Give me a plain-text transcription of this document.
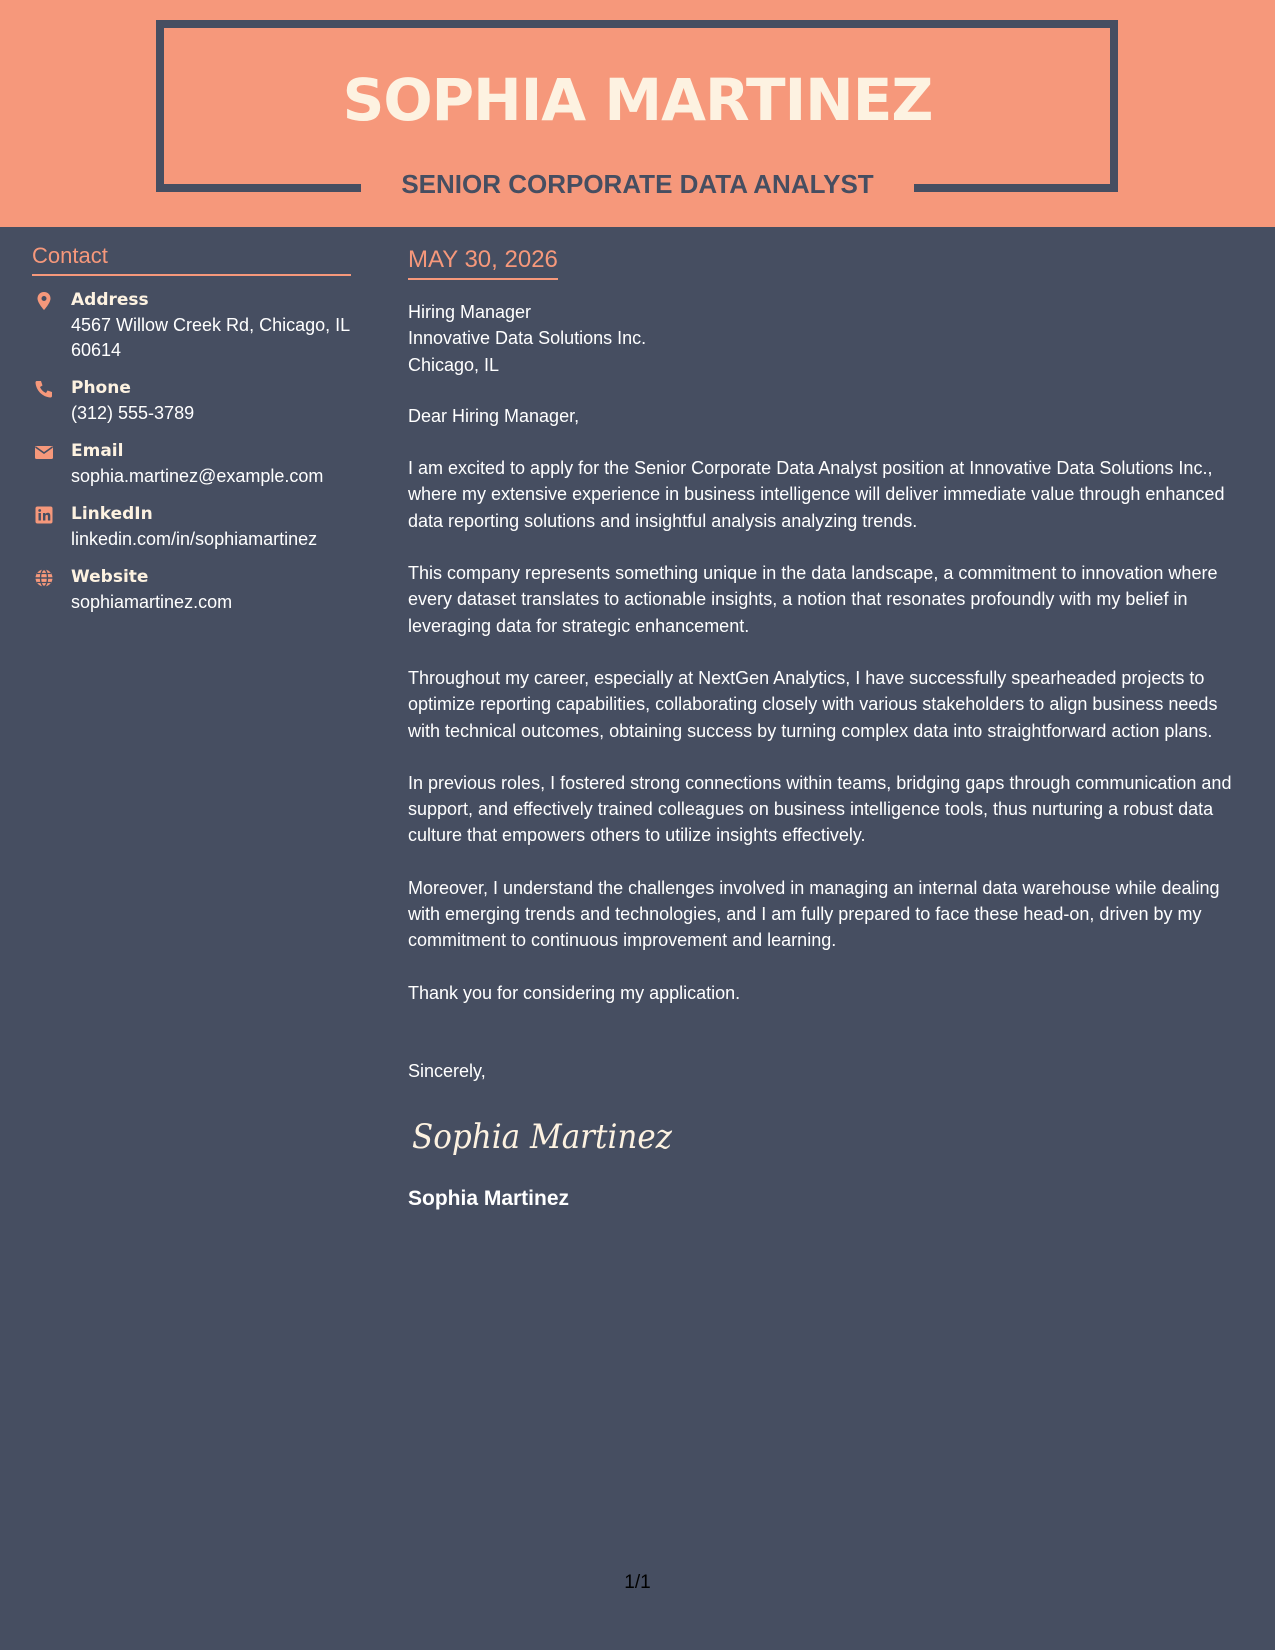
SOPHIA MARTINEZ
SENIOR CORPORATE DATA ANALYST
Contact
Address
4567 Willow Creek Rd, Chicago, IL 60614
Phone
(312) 555-3789
Email
sophia.martinez@example.com
LinkedIn
linkedin.com/in/sophiamartinez
Website
sophiamartinez.com
MAY 30, 2026
Hiring Manager
Innovative Data Solutions Inc.
Chicago, IL

Dear Hiring Manager,

I am excited to apply for the Senior Corporate Data Analyst position at Innovative Data Solutions Inc., where my extensive experience in business intelligence will deliver immediate value through enhanced data reporting solutions and insightful analysis analyzing trends.

This company represents something unique in the data landscape, a commitment to innovation where every dataset translates to actionable insights, a notion that resonates profoundly with my belief in leveraging data for strategic enhancement.

Throughout my career, especially at NextGen Analytics, I have successfully spearheaded projects to optimize reporting capabilities, collaborating closely with various stakeholders to align business needs with technical outcomes, obtaining success by turning complex data into straightforward action plans.

In previous roles, I fostered strong connections within teams, bridging gaps through communication and support, and effectively trained colleagues on business intelligence tools, thus nurturing a robust data culture that empowers others to utilize insights effectively.

Moreover, I understand the challenges involved in managing an internal data warehouse while dealing with emerging trends and technologies, and I am fully prepared to face these head-on, driven by my commitment to continuous improvement and learning.

Thank you for considering my application.

Sincerely,
Sophia Martinez
Sophia Martinez
1/1
